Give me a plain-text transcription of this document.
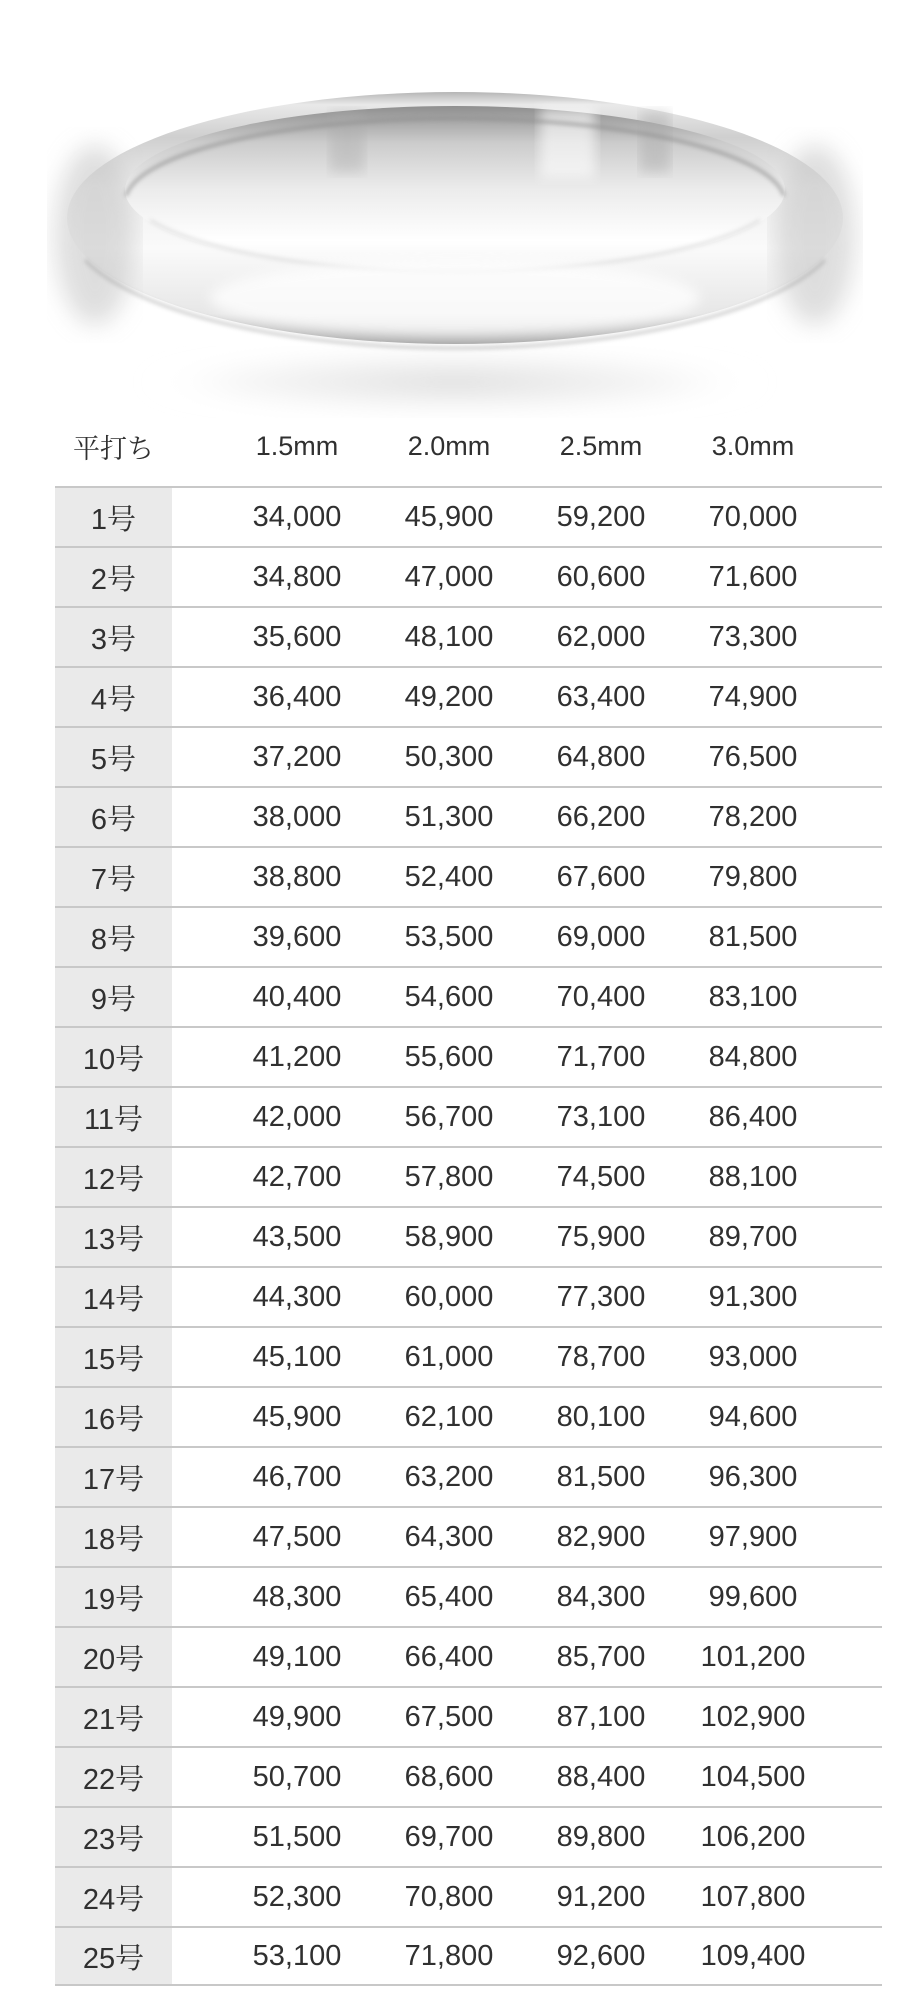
平打ち	1.5mm	2.0mm	2.5mm	3.0mm
1号	34,000	45,900	59,200	70,000
2号	34,800	47,000	60,600	71,600
3号	35,600	48,100	62,000	73,300
4号	36,400	49,200	63,400	74,900
5号	37,200	50,300	64,800	76,500
6号	38,000	51,300	66,200	78,200
7号	38,800	52,400	67,600	79,800
8号	39,600	53,500	69,000	81,500
9号	40,400	54,600	70,400	83,100
10号	41,200	55,600	71,700	84,800
11号	42,000	56,700	73,100	86,400
12号	42,700	57,800	74,500	88,100
13号	43,500	58,900	75,900	89,700
14号	44,300	60,000	77,300	91,300
15号	45,100	61,000	78,700	93,000
16号	45,900	62,100	80,100	94,600
17号	46,700	63,200	81,500	96,300
18号	47,500	64,300	82,900	97,900
19号	48,300	65,400	84,300	99,600
20号	49,100	66,400	85,700	101,200
21号	49,900	67,500	87,100	102,900
22号	50,700	68,600	88,400	104,500
23号	51,500	69,700	89,800	106,200
24号	52,300	70,800	91,200	107,800
25号	53,100	71,800	92,600	109,400
